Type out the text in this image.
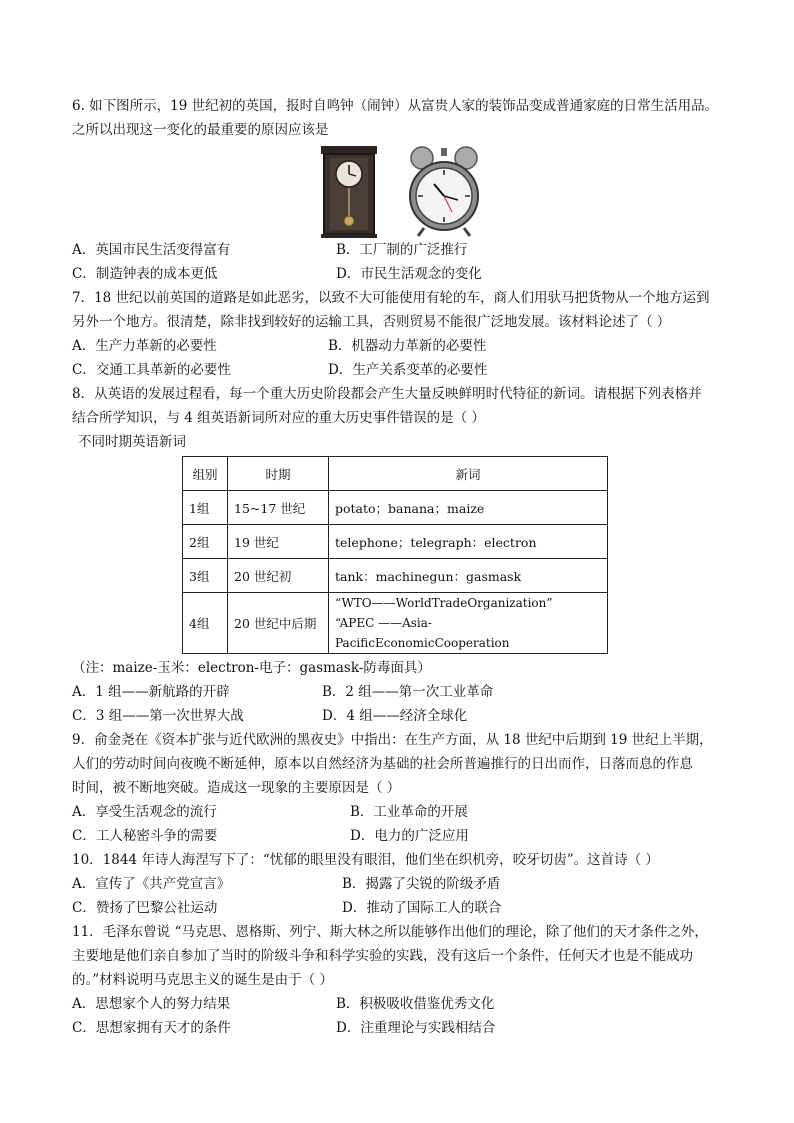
6. 如下图所示，19 世纪初的英国，报时自鸣钟（闹钟）从富贵人家的装饰品变成普通家庭的日常生活用品。
之所以出现这一变化的最重要的原因应该是
A．英国市民生活变得富有	B．工厂制的广泛推行
C．制造钟表的成本更低	D．市民生活观念的变化
7．18 世纪以前英国的道路是如此恶劣，以致不大可能使用有轮的车，商人们用驮马把货物从一个地方运到
另外一个地方。很清楚，除非找到较好的运输工具，否则贸易不能很广泛地发展。该材料论述了（ ）
A．生产力革新的必要性	B．机器动力革新的必要性
C．交通工具革新的必要性	D．生产关系变革的必要性
8．从英语的发展过程看，每一个重大历史阶段都会产生大量反映鲜明时代特征的新词。请根据下列表格并
结合所学知识，与 4 组英语新词所对应的重大历史事件错误的是（ ）
不同时期英语新词
组别	时期	新词
1组	15~17 世纪	potato；banana；maize
2组	19 世纪	telephone；telegraph：electron
3组	20 世纪初	tank：machinegun：gasmask
4组	20 世纪中后期	“WTO——WorldTradeOrganization”
“APEC ——Asia-PacificEconomicCooperation
（注：maize-玉米：electron-电子：gasmask-防毒面具）
A．1 组——新航路的开辟	B．2 组——第一次工业革命
C．3 组——第一次世界大战	D．4 组——经济全球化
9．俞金尧在《资本扩张与近代欧洲的黑夜史》中指出：在生产方面，从 18 世纪中后期到 19 世纪上半期，
人们的劳动时间向夜晚不断延伸，原本以自然经济为基础的社会所普遍推行的日出而作，日落而息的作息
时间，被不断地突破。造成这一现象的主要原因是（ ）
A．享受生活观念的流行	B．工业革命的开展
C．工人秘密斗争的需要	D．电力的广泛应用
10．1844 年诗人海涅写下了：“忧郁的眼里没有眼泪，他们坐在织机旁，咬牙切齿”。这首诗（ ）
A．宣传了《共产党宣言》	B．揭露了尖锐的阶级矛盾
C．赞扬了巴黎公社运动	D．推动了国际工人的联合
11．毛泽东曾说 “马克思、恩格斯、列宁、斯大林之所以能够作出他们的理论，除了他们的天才条件之外，
主要地是他们亲自参加了当时的阶级斗争和科学实验的实践，没有这后一个条件，任何天才也是不能成功
的。”材料说明马克思主义的诞生是由于（ ）
A．思想家个人的努力结果	B．积极吸收借鉴优秀文化
C．思想家拥有天才的条件	D．注重理论与实践相结合
